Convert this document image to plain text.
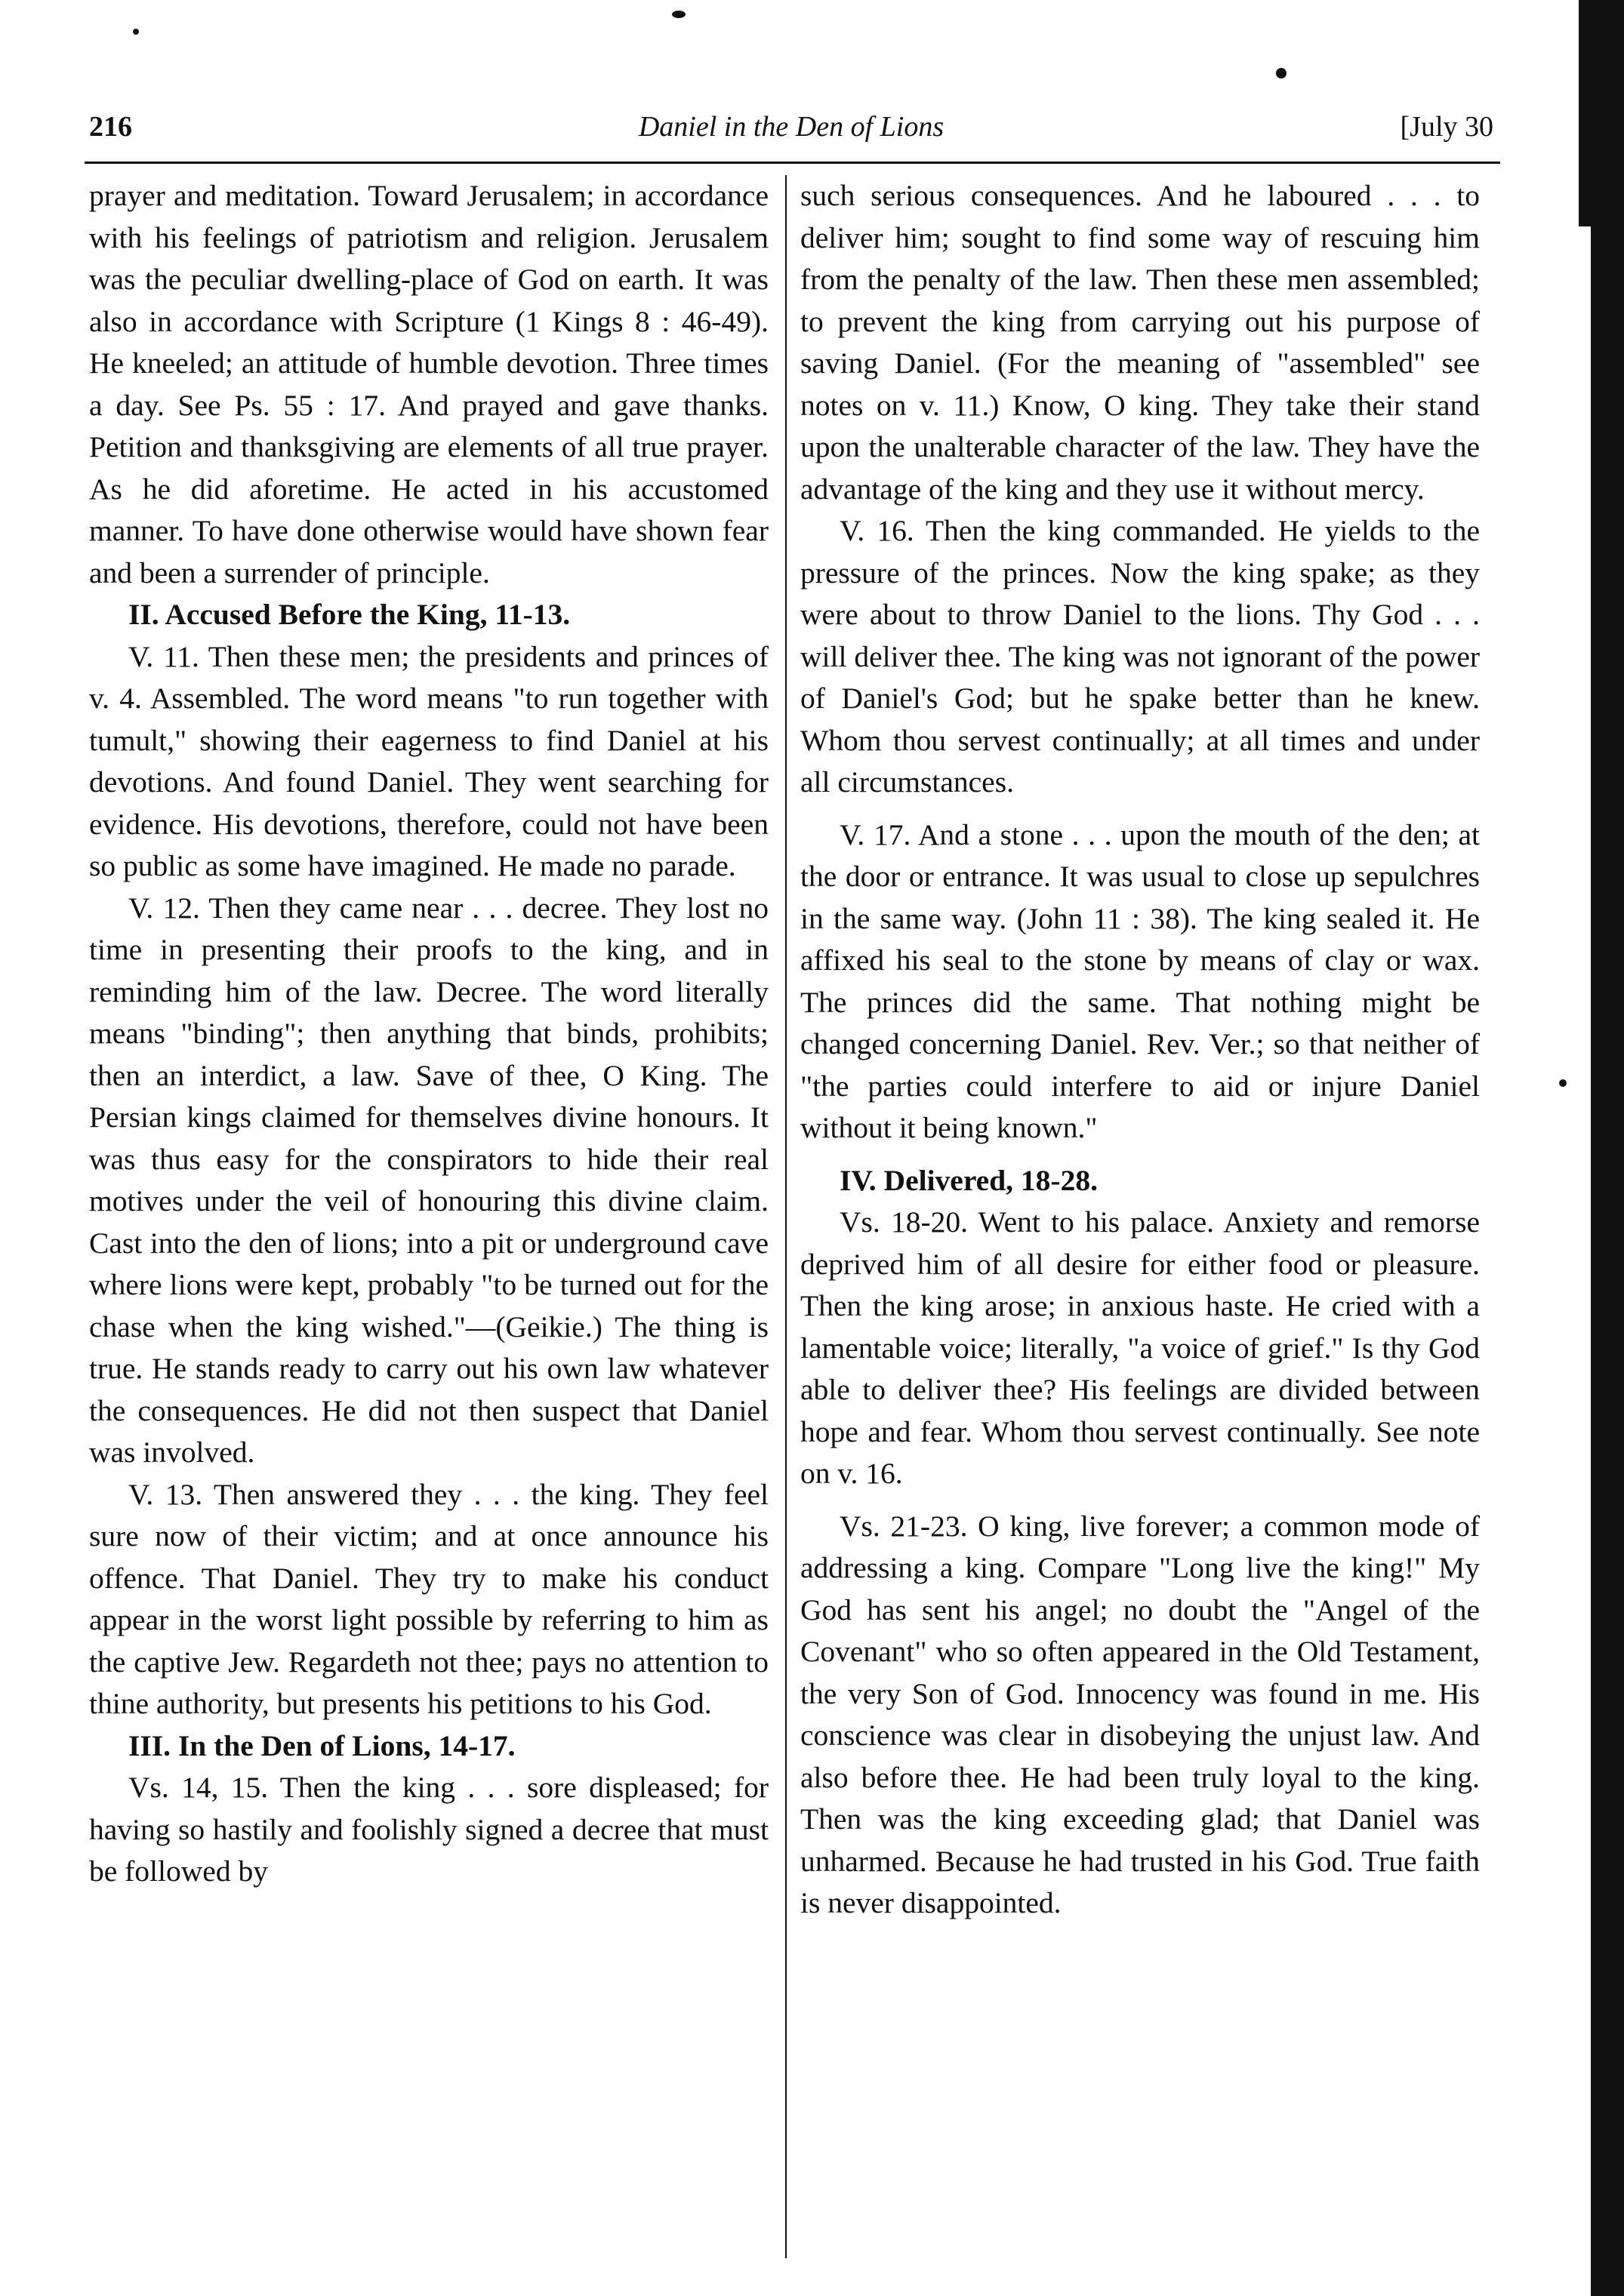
216	Daniel in the Den of Lions	[July 30

prayer and meditation. Toward Jerusalem; in accordance with his feelings of patriotism and religion. Jerusalem was the peculiar dwelling-place of God on earth. It was also in accordance with Scripture (1 Kings 8 : 46-49). He kneeled; an attitude of humble devotion. Three times a day. See Ps. 55 : 17. And prayed and gave thanks. Petition and thanksgiving are elements of all true prayer. As he did aforetime. He acted in his accustomed manner. To have done otherwise would have shown fear and been a surrender of principle.

II. Accused Before the King, 11-13.

V. 11. Then these men; the presidents and princes of v. 4. Assembled. The word means "to run together with tumult," showing their eagerness to find Daniel at his devotions. And found Daniel. They went searching for evidence. His devotions, therefore, could not have been so public as some have imagined. He made no parade.

V. 12. Then they came near . . . decree. They lost no time in presenting their proofs to the king, and in reminding him of the law. Decree. The word literally means "binding"; then anything that binds, prohibits; then an interdict, a law. Save of thee, O King. The Persian kings claimed for themselves divine honours. It was thus easy for the conspirators to hide their real motives under the veil of honouring this divine claim. Cast into the den of lions; into a pit or underground cave where lions were kept, probably "to be turned out for the chase when the king wished."—(Geikie.) The thing is true. He stands ready to carry out his own law whatever the consequences. He did not then suspect that Daniel was involved.

V. 13. Then answered they . . . the king. They feel sure now of their victim; and at once announce his offence. That Daniel. They try to make his conduct appear in the worst light possible by referring to him as the captive Jew. Regardeth not thee; pays no attention to thine authority, but presents his petitions to his God.

III. In the Den of Lions, 14-17.

Vs. 14, 15. Then the king . . . sore displeased; for having so hastily and foolishly signed a decree that must be followed by

such serious consequences. And he laboured . . . to deliver him; sought to find some way of rescuing him from the penalty of the law. Then these men assembled; to prevent the king from carrying out his purpose of saving Daniel. (For the meaning of "assembled" see notes on v. 11.) Know, O king. They take their stand upon the unalterable character of the law. They have the advantage of the king and they use it without mercy.

V. 16. Then the king commanded. He yields to the pressure of the princes. Now the king spake; as they were about to throw Daniel to the lions. Thy God . . . will deliver thee. The king was not ignorant of the power of Daniel's God; but he spake better than he knew. Whom thou servest continually; at all times and under all circumstances.

V. 17. And a stone . . . upon the mouth of the den; at the door or entrance. It was usual to close up sepulchres in the same way. (John 11 : 38). The king sealed it. He affixed his seal to the stone by means of clay or wax. The princes did the same. That nothing might be changed concerning Daniel. Rev. Ver.; so that neither of "the parties could interfere to aid or injure Daniel without it being known."

IV. Delivered, 18-28.

Vs. 18-20. Went to his palace. Anxiety and remorse deprived him of all desire for either food or pleasure. Then the king arose; in anxious haste. He cried with a lamentable voice; literally, "a voice of grief." Is thy God able to deliver thee? His feelings are divided between hope and fear. Whom thou servest continually. See note on v. 16.

Vs. 21-23. O king, live forever; a common mode of addressing a king. Compare "Long live the king!" My God has sent his angel; no doubt the "Angel of the Covenant" who so often appeared in the Old Testament, the very Son of God. Innocency was found in me. His conscience was clear in disobeying the unjust law. And also before thee. He had been truly loyal to the king. Then was the king exceeding glad; that Daniel was unharmed. Because he had trusted in his God. True faith is never disappointed.
